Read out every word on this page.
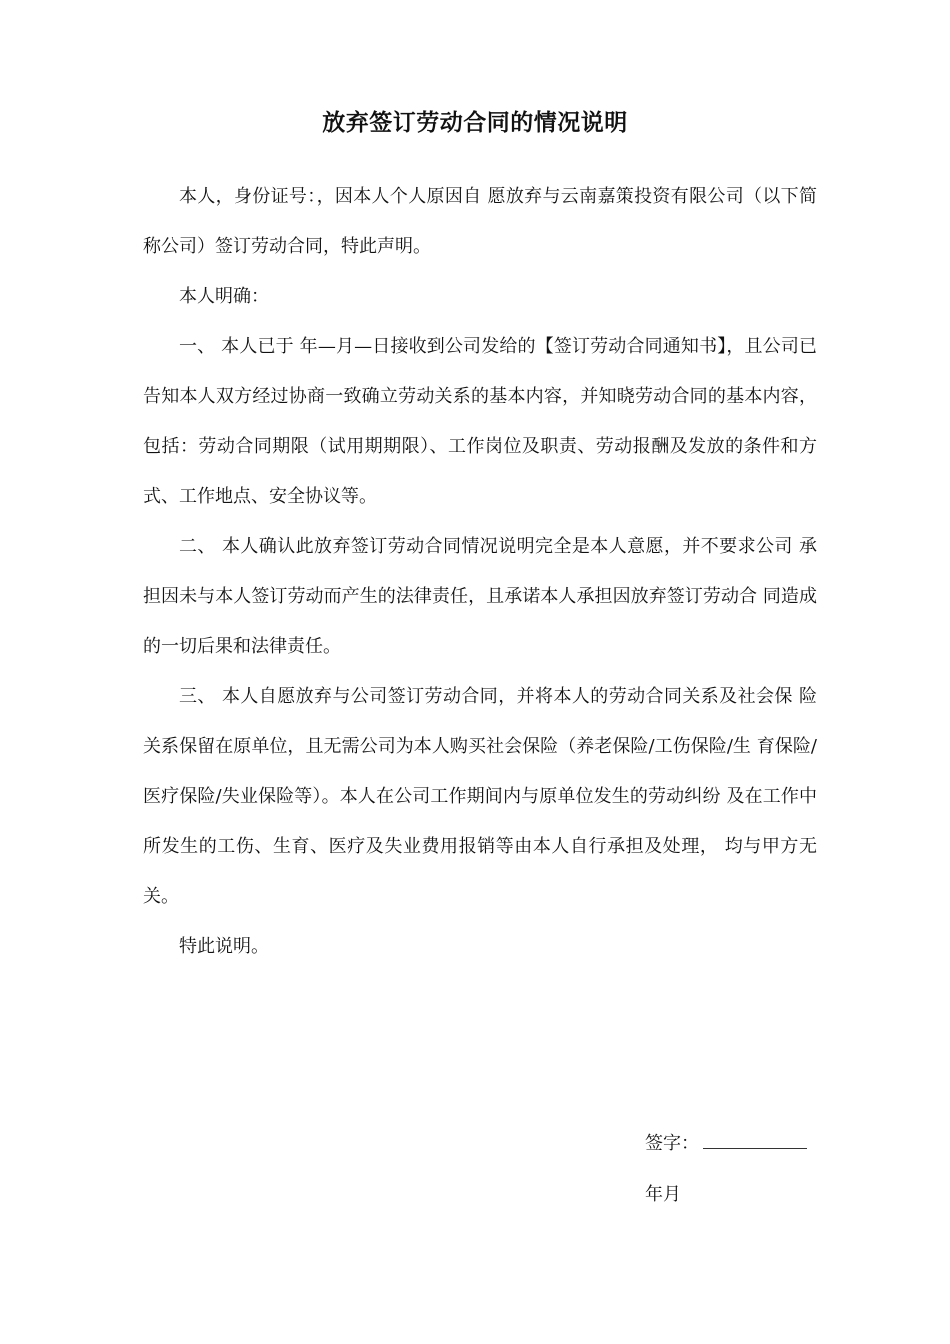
放弃签订劳动合同的情况说明

本人，身份证号：，因本人个人原因自 愿放弃与云南嘉策投资有限公司（以下简称公司）签订劳动合同，特此声明。

本人明确：

一、 本人已于 年—月—日接收到公司发给的【签订劳动合同通知书】，且公司已告知本人双方经过协商一致确立劳动关系的基本内容，并知晓劳动合同的基本内容，包括：劳动合同期限（试用期期限）、工作岗位及职责、劳动报酬及发放的条件和方式、工作地点、安全协议等。

二、 本人确认此放弃签订劳动合同情况说明完全是本人意愿，并不要求公司 承担因未与本人签订劳动而产生的法律责任，且承诺本人承担因放弃签订劳动合 同造成的一切后果和法律责任。

三、 本人自愿放弃与公司签订劳动合同，并将本人的劳动合同关系及社会保 险关系保留在原单位，且无需公司为本人购买社会保险（养老保险/工伤保险/生 育保险/医疗保险/失业保险等）。本人在公司工作期间内与原单位发生的劳动纠纷 及在工作中所发生的工伤、生育、医疗及失业费用报销等由本人自行承担及处理， 均与甲方无关。

特此说明。

签字：
年月
